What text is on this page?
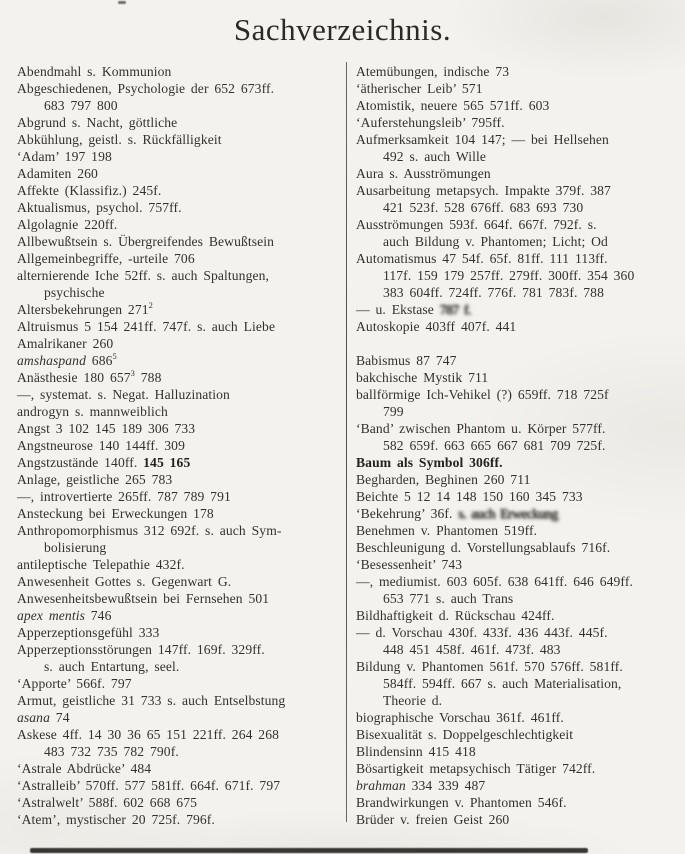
Sachverzeichnis.
Abendmahl s. Kommunion
Abgeschiedenen, Psychologie der 652 673ff.
683 797 800
Abgrund s. Nacht, göttliche
Abkühlung, geistl. s. Rückfälligkeit
‘Adam’ 197 198
Adamiten 260
Affekte (Klassifiz.) 245f.
Aktualismus, psychol. 757ff.
Algolagnie 220ff.
Allbewußtsein s. Übergreifendes Bewußtsein
Allgemeinbegriffe, -urteile 706
alternierende Iche 52ff. s. auch Spaltungen,
psychische
Altersbekehrungen $271^2$
Altruismus 5 154 241ff. 747f. s. auch Liebe
Amalrikaner 260
amshaspand $686^5$
Anästhesie 180 $657^3$ 788
—, systemat. s. Negat. Halluzination
androgyn s. mannweiblich
Angst 3 102 145 189 306 733
Angstneurose 140 144ff. 309
Angstzustände 140ff. 145 165
Anlage, geistliche 265 783
—, introvertierte 265ff. 787 789 791
Ansteckung bei Erweckungen 178
Anthropomorphismus 312 692f. s. auch Sym-
bolisierung
antileptische Telepathie 432f.
Anwesenheit Gottes s. Gegenwart G.
Anwesenheitsbewußtsein bei Fernsehen 501
apex mentis 746
Apperzeptionsgefühl 333
Apperzeptionsstörungen 147ff. 169f. 329ff.
s. auch Entartung, seel.
‘Apporte’ 566f. 797
Armut, geistliche 31 733 s. auch Entselbstung
asana 74
Askese 4ff. 14 30 36 65 151 221ff. 264 268
483 732 735 782 790f.
‘Astrale Abdrücke’ 484
‘Astralleib’ 570ff. 577 581ff. 664f. 671f. 797
‘Astralwelt’ 588f. 602 668 675
‘Atem’, mystischer 20 725f. 796f.
Atemübungen, indische 73
‘ätherischer Leib’ 571
Atomistik, neuere 565 571ff. 603
‘Auferstehungsleib’ 795ff.
Aufmerksamkeit 104 147; — bei Hellsehen
492 s. auch Wille
Aura s. Ausströmungen
Ausarbeitung metapsych. Impakte 379f. 387
421 523f. 528 676ff. 683 693 730
Ausströmungen 593f. 664f. 667f. 792f. s.
auch Bildung v. Phantomen; Licht; Od
Automatismus 47 54f. 65f. 81ff. 111 113ff.
117f. 159 179 257ff. 279ff. 300ff. 354 360
383 604ff. 724ff. 776f. 781 783f. 788
— u. Ekstase 787 f.
Autoskopie 403ff 407f. 441
Babismus 87 747
bakchische Mystik 711
ballförmige Ich-Vehikel (?) 659ff. 718 725f
799
‘Band’ zwischen Phantom u. Körper 577ff.
582 659f. 663 665 667 681 709 725f.
Baum als Symbol 306ff.
Begharden, Beghinen 260 711
Beichte 5 12 14 148 150 160 345 733
‘Bekehrung’ 36f. s. auch Erweckung
Benehmen v. Phantomen 519ff.
Beschleunigung d. Vorstellungsablaufs 716f.
‘Besessenheit’ 743
—, mediumist. 603 605f. 638 641ff. 646 649ff.
653 771 s. auch Trans
Bildhaftigkeit d. Rückschau 424ff.
— d. Vorschau 430f. 433f. 436 443f. 445f.
448 451 458f. 461f. 473f. 483
Bildung v. Phantomen 561f. 570 576ff. 581ff.
584ff. 594ff. 667 s. auch Materialisation,
Theorie d.
biographische Vorschau 361f. 461ff.
Bisexualität s. Doppelgeschlechtigkeit
Blindensinn 415 418
Bösartigkeit metapsychisch Tätiger 742ff.
brahman 334 339 487
Brandwirkungen v. Phantomen 546f.
Brüder v. freien Geist 260
